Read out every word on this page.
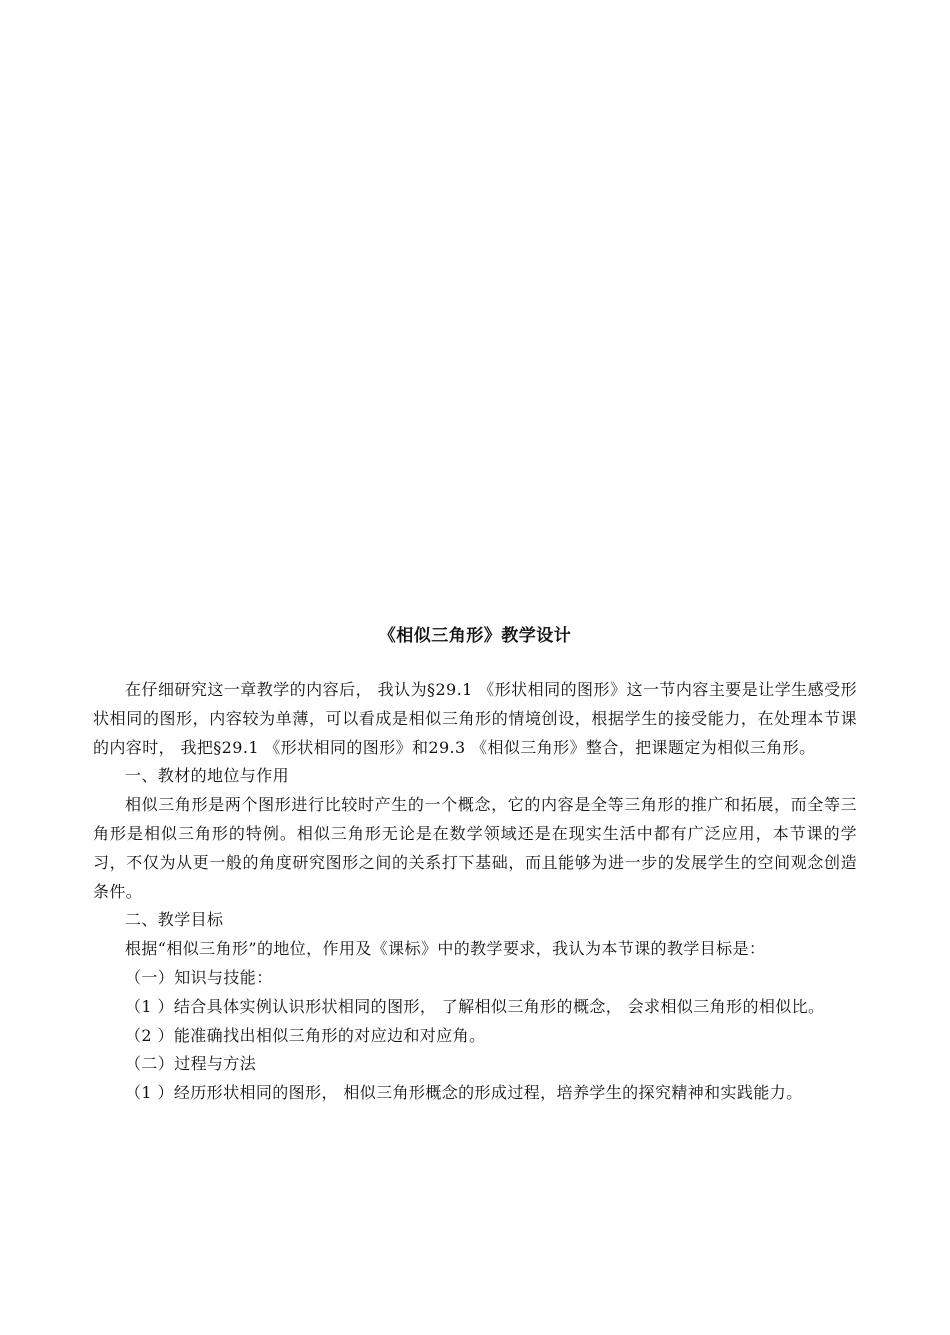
《相似三角形》教学设计

在仔细研究这一章教学的内容后， 我认为§29.1 《形状相同的图形》这一节内容主要是让学生感受形状相同的图形，内容较为单薄，可以看成是相似三角形的情境创设，根据学生的接受能力，在处理本节课的内容时， 我把§29.1 《形状相同的图形》和29.3 《相似三角形》整合，把课题定为相似三角形。

一、教材的地位与作用

相似三角形是两个图形进行比较时产生的一个概念，它的内容是全等三角形的推广和拓展，而全等三角形是相似三角形的特例。相似三角形无论是在数学领域还是在现实生活中都有广泛应用，本节课的学习，不仅为从更一般的角度研究图形之间的关系打下基础，而且能够为进一步的发展学生的空间观念创造条件。

二、教学目标

根据“相似三角形”的地位，作用及《课标》中的教学要求，我认为本节课的教学目标是：

（一）知识与技能：

（1 ）结合具体实例认识形状相同的图形， 了解相似三角形的概念， 会求相似三角形的相似比。

（2 ）能准确找出相似三角形的对应边和对应角。

（二）过程与方法

（1 ）经历形状相同的图形， 相似三角形概念的形成过程，培养学生的探究精神和实践能力。
